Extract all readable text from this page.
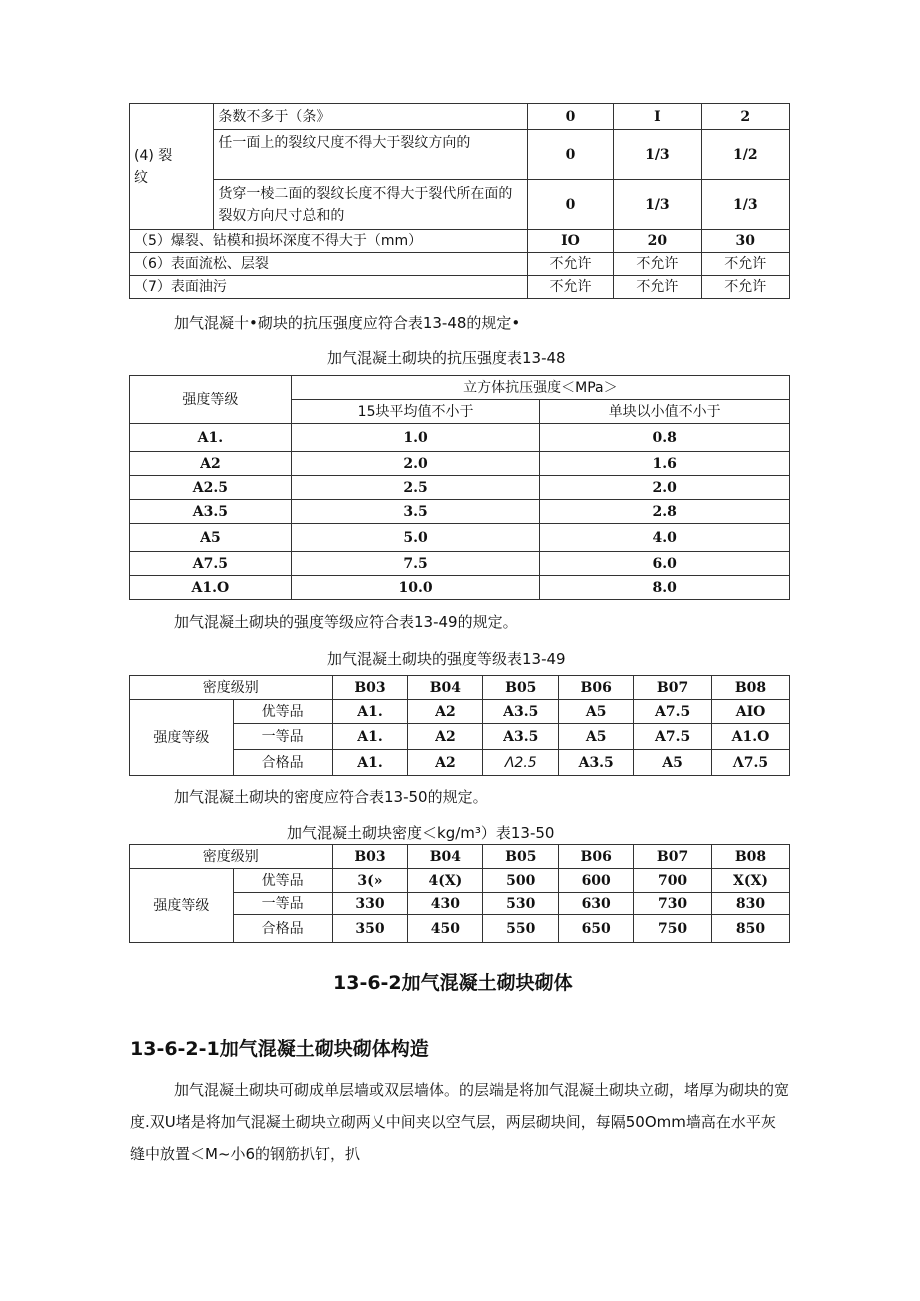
(4) 裂
纹	条数不多于（条》	0	I	2
	任一面上的裂纹尺度不得大于裂纹方向的	0	1/3	1/2
	货穿一棱二面的裂纹长度不得大于裂代所在面的裂奴方向尺寸总和的	0	1/3	1/3
（5）爆裂、钻模和损坏深度不得大于（mm）		IO	20	30
（6）表面流松、层裂		不允许	不允许	不允许
（7）表面油污		不允许	不允许	不允许
加气混凝十•砌块的抗压强度应符合表13-48的规定•
加气混凝土砌块的抗压强度表13-48
强度等级	立方体抗压强度＜MPa＞	
	15块平均值不小于	单块以小值不小于
A1.	1.0	0.8
A2	2.0	1.6
A2.5	2.5	2.0
A3.5	3.5	2.8
A5	5.0	4.0
A7.5	7.5	6.0
A1.O	10.0	8.0
加气混凝土砌块的强度等级应符合表13-49的规定。
加气混凝土砌块的强度等级表13-49
密度级别		B03	B04	B05	B06	B07	B08
强度等级	优等品	A1.	A2	A3.5	A5	A7.5	AIO
	一等品	A1.	A2	A3.5	A5	A7.5	A1.O
	合格品	A1.	A2	Λ2.5	A3.5	A5	Λ7.5
加气混凝土砌块的密度应符合表13-50的规定。
加气混凝土砌块密度＜kg∕m³）表13-50
密度级别		B03	B04	B05	B06	B07	B08
强度等级	优等品	3(»	4(X)	500	600	700	X(X)
	一等品	330	430	530	630	730	830
	合格品	350	450	550	650	750	850
13-6-2加气混凝土砌块砌体
13-6-2-1加气混凝土砌块砌体构造
加气混凝土砌块可砌成单层墙或双层墙体。的层端是将加气混凝土砌块立砌，堵厚为砌块的宽度.双U堵是将加气混凝土砌块立砌两乂中间夹以空气层，两层砌块间，每隔50Omm墙高在水平灰缝中放置＜M~小6的钢筋扒钉，扒
